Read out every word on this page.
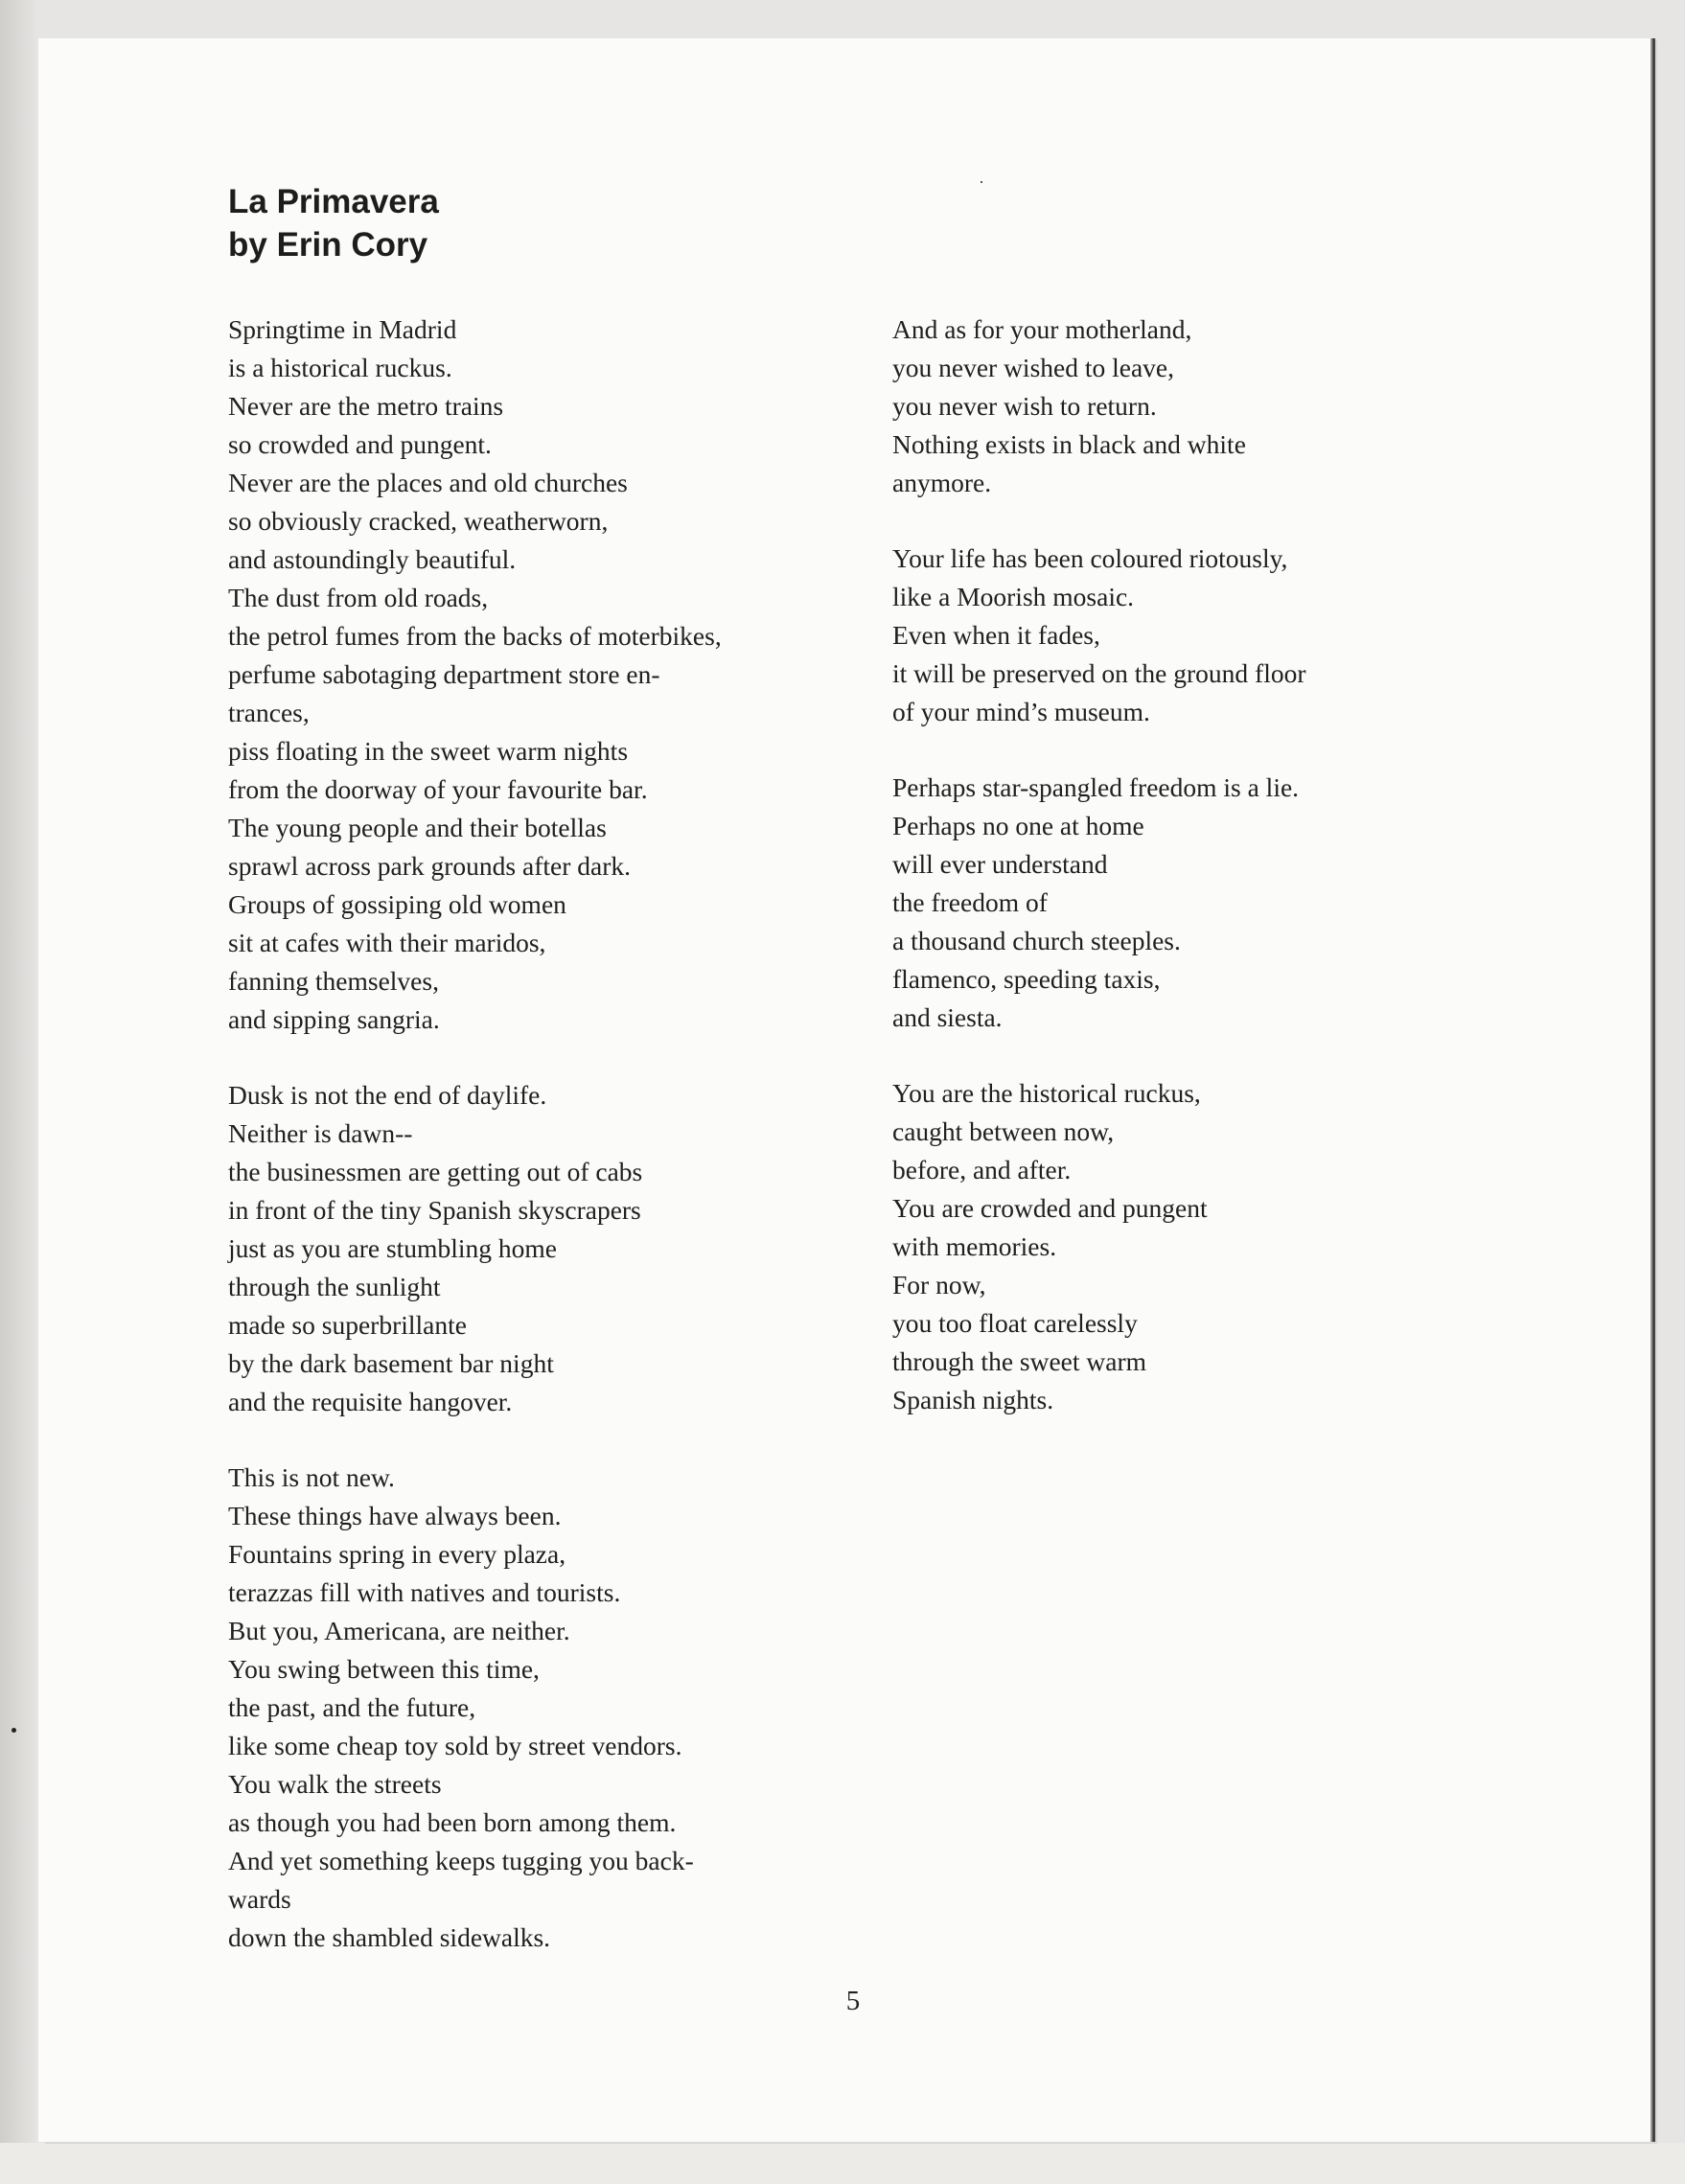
La Primavera
by Erin Cory
Springtime in Madrid
is a historical ruckus.
Never are the metro trains
so crowded and pungent.
Never are the places and old churches
so obviously cracked, weatherworn,
and astoundingly beautiful.
The dust from old roads,
the petrol fumes from the backs of moterbikes,
perfume sabotaging department store en-
trances,
piss floating in the sweet warm nights
from the doorway of your favourite bar.
The young people and their botellas
sprawl across park grounds after dark.
Groups of gossiping old women
sit at cafes with their maridos,
fanning themselves,
and sipping sangria.
Dusk is not the end of daylife.
Neither is dawn--
the businessmen are getting out of cabs
in front of the tiny Spanish skyscrapers
just as you are stumbling home
through the sunlight
made so superbrillante
by the dark basement bar night
and the requisite hangover.
This is not new.
These things have always been.
Fountains spring in every plaza,
terazzas fill with natives and tourists.
But you, Americana, are neither.
You swing between this time,
the past, and the future,
like some cheap toy sold by street vendors.
You walk the streets
as though you had been born among them.
And yet something keeps tugging you back-
wards
down the shambled sidewalks.
And as for your motherland,
you never wished to leave,
you never wish to return.
Nothing exists in black and white
anymore.
Your life has been coloured riotously,
like a Moorish mosaic.
Even when it fades,
it will be preserved on the ground floor
of your mind’s museum.
Perhaps star-spangled freedom is a lie.
Perhaps no one at home
will ever understand
the freedom of
a thousand church steeples.
flamenco, speeding taxis,
and siesta.
You are the historical ruckus,
caught between now,
before, and after.
You are crowded and pungent
with memories.
For now,
you too float carelessly
through the sweet warm
Spanish nights.
5
